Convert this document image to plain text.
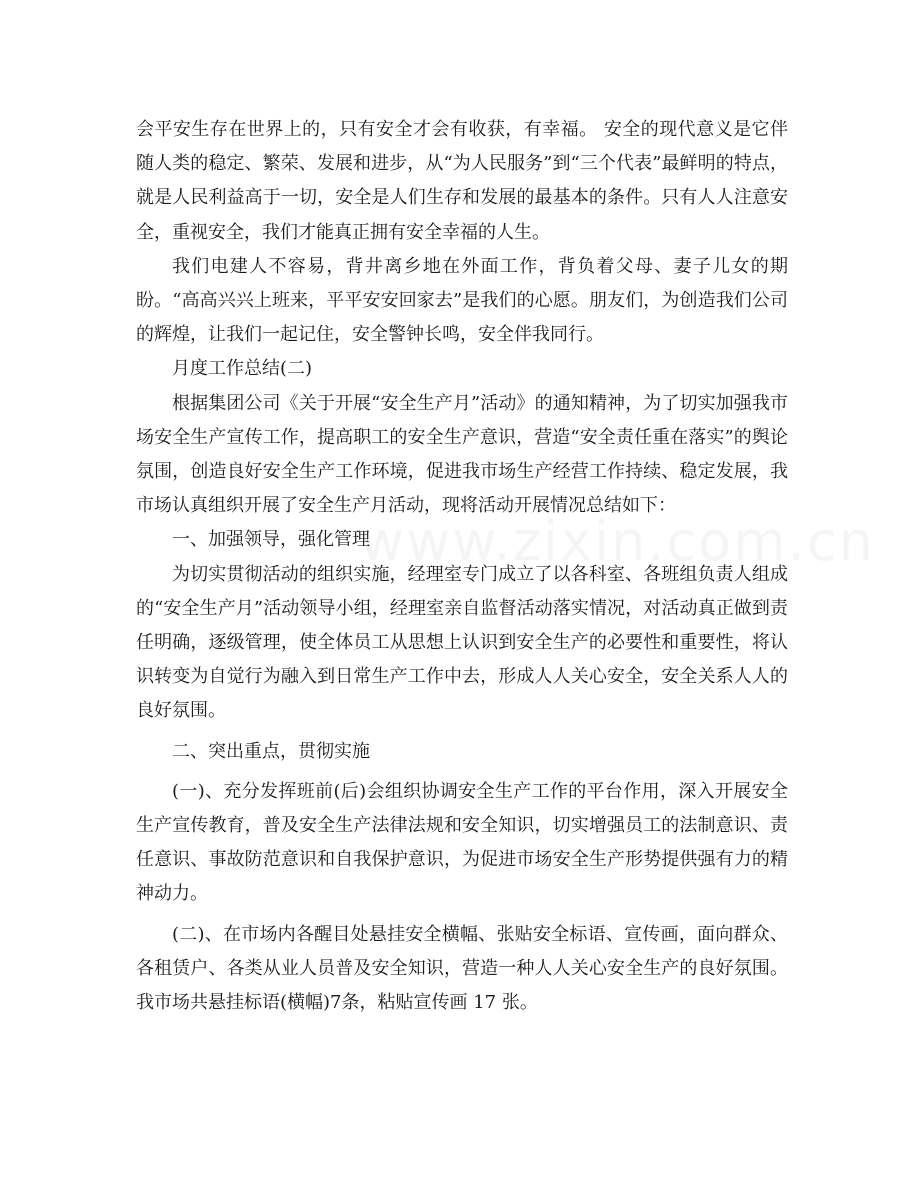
会平安生存在世界上的，只有安全才会有收获，有幸福。 安全的现代意义是它伴随人类的稳定、繁荣、发展和进步，从“为人民服务”到“三个代表”最鲜明的特点，就是人民利益高于一切，安全是人们生存和发展的最基本的条件。只有人人注意安全，重视安全，我们才能真正拥有安全幸福的人生。

我们电建人不容易，背井离乡地在外面工作，背负着父母、妻子儿女的期盼。“高高兴兴上班来，平平安安回家去”是我们的心愿。朋友们，为创造我们公司的辉煌，让我们一起记住，安全警钟长鸣，安全伴我同行。

月度工作总结(二)

根据集团公司《关于开展“安全生产月”活动》的通知精神，为了切实加强我市场安全生产宣传工作，提高职工的安全生产意识，营造“安全责任重在落实”的舆论氛围，创造良好安全生产工作环境，促进我市场生产经营工作持续、稳定发展，我市场认真组织开展了安全生产月活动，现将活动开展情况总结如下：

一、加强领导，强化管理

为切实贯彻活动的组织实施，经理室专门成立了以各科室、各班组负责人组成的“安全生产月”活动领导小组，经理室亲自监督活动落实情况，对活动真正做到责任明确，逐级管理，使全体员工从思想上认识到安全生产的必要性和重要性，将认识转变为自觉行为融入到日常生产工作中去，形成人人关心安全，安全关系人人的良好氛围。

二、突出重点，贯彻实施

(一)、充分发挥班前(后)会组织协调安全生产工作的平台作用，深入开展安全生产宣传教育，普及安全生产法律法规和安全知识，切实增强员工的法制意识、责任意识、事故防范意识和自我保护意识，为促进市场安全生产形势提供强有力的精神动力。

(二)、在市场内各醒目处悬挂安全横幅、张贴安全标语、宣传画，面向群众、各租赁户、各类从业人员普及安全知识，营造一种人人关心安全生产的良好氛围。我市场共悬挂标语(横幅)7条，粘贴宣传画 17 张。
